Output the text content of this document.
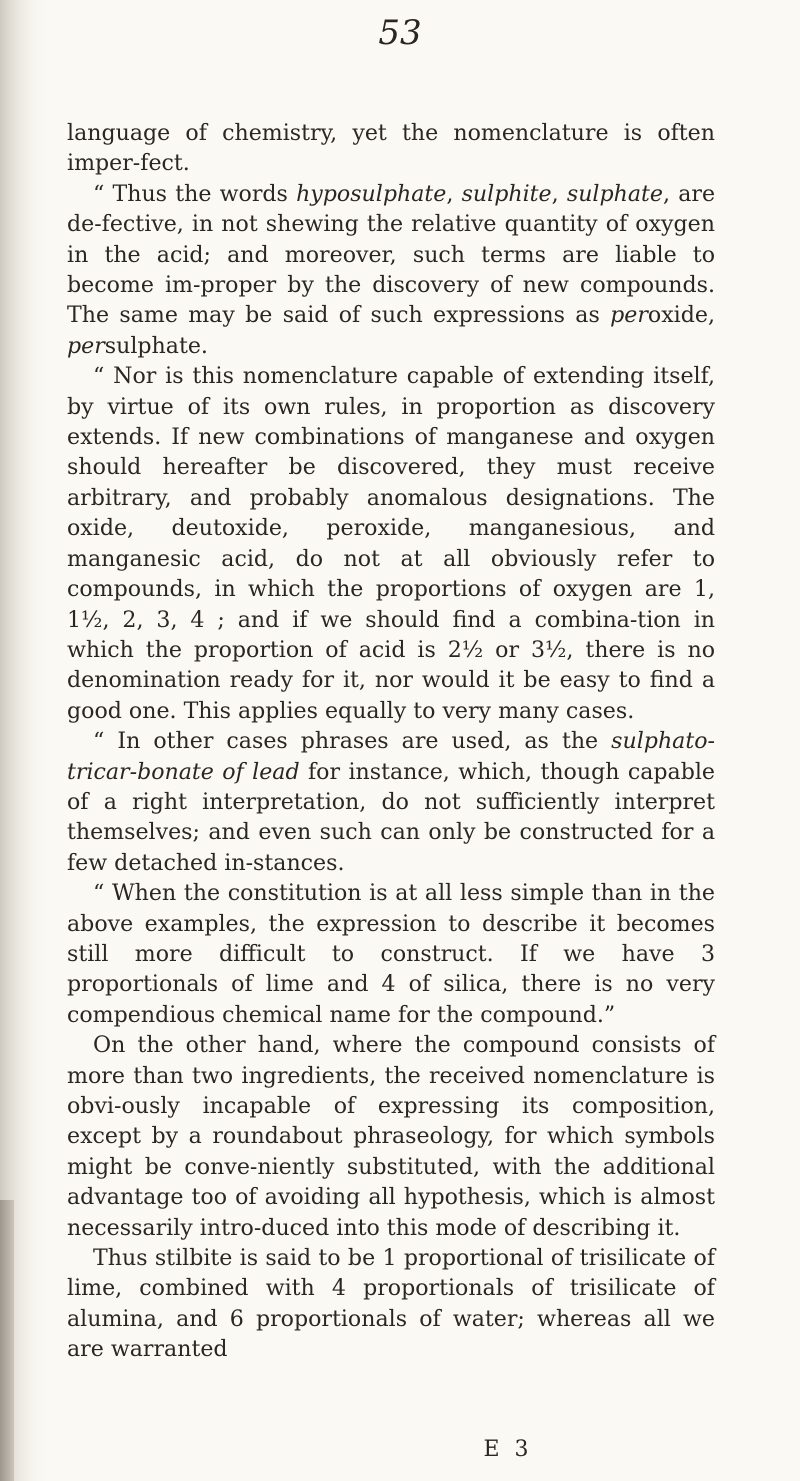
53

language of chemistry, yet the nomenclature is often imper-fect.

“ Thus the words hyposulphate, sulphite, sulphate, are de-fective, in not shewing the relative quantity of oxygen in the acid; and moreover, such terms are liable to become im-proper by the discovery of new compounds. The same may be said of such expressions as peroxide, persulphate.

“ Nor is this nomenclature capable of extending itself, by virtue of its own rules, in proportion as discovery extends. If new combinations of manganese and oxygen should hereafter be discovered, they must receive arbitrary, and probably anomalous designations. The oxide, deutoxide, peroxide, manganesious, and manganesic acid, do not at all obviously refer to compounds, in which the proportions of oxygen are 1, 1½, 2, 3, 4 ; and if we should find a combina-tion in which the proportion of acid is 2½ or 3½, there is no denomination ready for it, nor would it be easy to find a good one. This applies equally to very many cases.

“ In other cases phrases are used, as the sulphato-tricar-bonate of lead for instance, which, though capable of a right interpretation, do not sufficiently interpret themselves; and even such can only be constructed for a few detached in-stances.

“ When the constitution is at all less simple than in the above examples, the expression to describe it becomes still more difficult to construct. If we have 3 proportionals of lime and 4 of silica, there is no very compendious chemical name for the compound.”

On the other hand, where the compound consists of more than two ingredients, the received nomenclature is obvi-ously incapable of expressing its composition, except by a roundabout phraseology, for which symbols might be conve-niently substituted, with the additional advantage too of avoiding all hypothesis, which is almost necessarily intro-duced into this mode of describing it.

Thus stilbite is said to be 1 proportional of trisilicate of lime, combined with 4 proportionals of trisilicate of alumina, and 6 proportionals of water; whereas all we are warranted

E 3
